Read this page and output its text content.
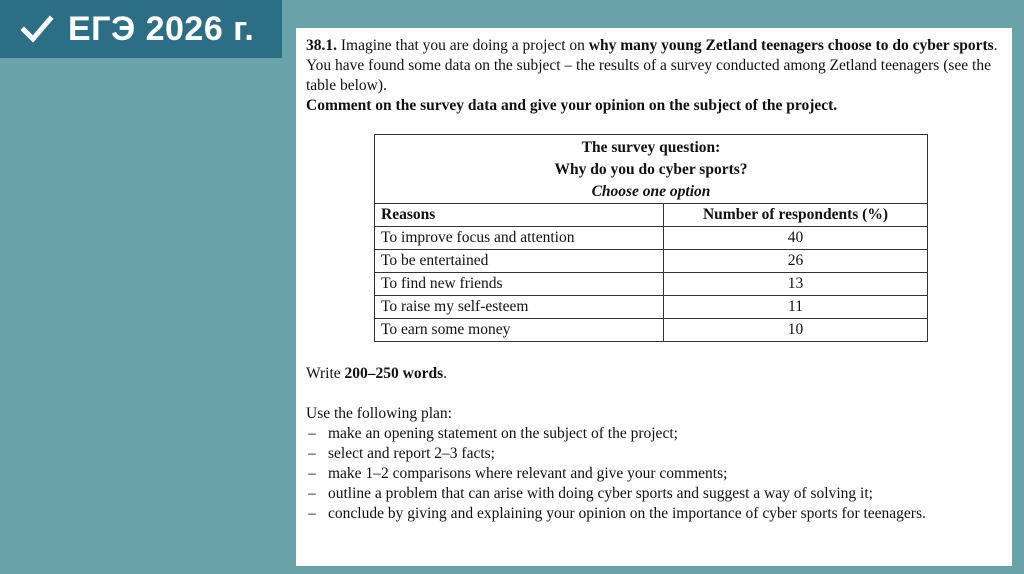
ЕГЭ 2026 г.	38.1. Imagine that you are doing a project on why many young Zetland teenagers choose to do cyber sports. You have found some data on the subject – the results of a survey conducted among Zetland teenagers (see the table below).

Comment on the survey data and give your opinion on the subject of the project.

The survey question:
Why do you do cyber sports?
Choose one option	

Reasons	Number of respondents (%)
To improve focus and attention	40
To be entertained	26
To find new friends	13
To raise my self-esteem	11
To earn some money	10

Write 200–250 words.

Use the following plan:

– make an opening statement on the subject of the project;
– select and report 2–3 facts;
– make 1–2 comparisons where relevant and give your comments;
– outline a problem that can arise with doing cyber sports and suggest a way of solving it;
– conclude by giving and explaining your opinion on the importance of cyber sports for teenagers.
